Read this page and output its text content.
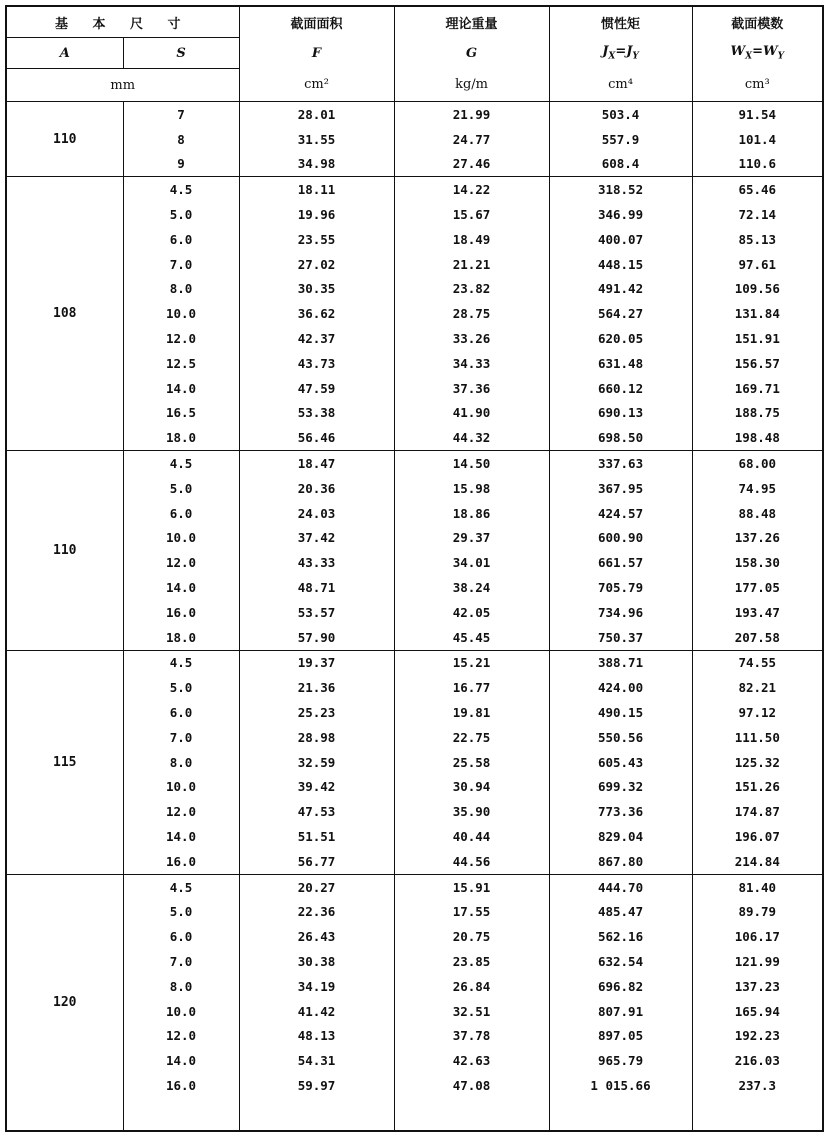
基 本 尺 寸		截面面积	理论重量	惯性矩	截面模数
A	S	F	G	$J_X=J_Y$	$W_X=W_Y$
mm		cm²	kg/m	cm⁴	cm³
110	7	28.01	21.99	503.4	91.54
	8	31.55	24.77	557.9	101.4
	9	34.98	27.46	608.4	110.6
108	4.5	18.11	14.22	318.52	65.46
	5.0	19.96	15.67	346.99	72.14
	6.0	23.55	18.49	400.07	85.13
	7.0	27.02	21.21	448.15	97.61
	8.0	30.35	23.82	491.42	109.56
	10.0	36.62	28.75	564.27	131.84
	12.0	42.37	33.26	620.05	151.91
	12.5	43.73	34.33	631.48	156.57
	14.0	47.59	37.36	660.12	169.71
	16.5	53.38	41.90	690.13	188.75
	18.0	56.46	44.32	698.50	198.48
110	4.5	18.47	14.50	337.63	68.00
	5.0	20.36	15.98	367.95	74.95
	6.0	24.03	18.86	424.57	88.48
	10.0	37.42	29.37	600.90	137.26
	12.0	43.33	34.01	661.57	158.30
	14.0	48.71	38.24	705.79	177.05
	16.0	53.57	42.05	734.96	193.47
	18.0	57.90	45.45	750.37	207.58
115	4.5	19.37	15.21	388.71	74.55
	5.0	21.36	16.77	424.00	82.21
	6.0	25.23	19.81	490.15	97.12
	7.0	28.98	22.75	550.56	111.50
	8.0	32.59	25.58	605.43	125.32
	10.0	39.42	30.94	699.32	151.26
	12.0	47.53	35.90	773.36	174.87
	14.0	51.51	40.44	829.04	196.07
	16.0	56.77	44.56	867.80	214.84
120	4.5	20.27	15.91	444.70	81.40
	5.0	22.36	17.55	485.47	89.79
	6.0	26.43	20.75	562.16	106.17
	7.0	30.38	23.85	632.54	121.99
	8.0	34.19	26.84	696.82	137.23
	10.0	41.42	32.51	807.91	165.94
	12.0	48.13	37.78	897.05	192.23
	14.0	54.31	42.63	965.79	216.03
	16.0	59.97	47.08	1 015.66	237.3
